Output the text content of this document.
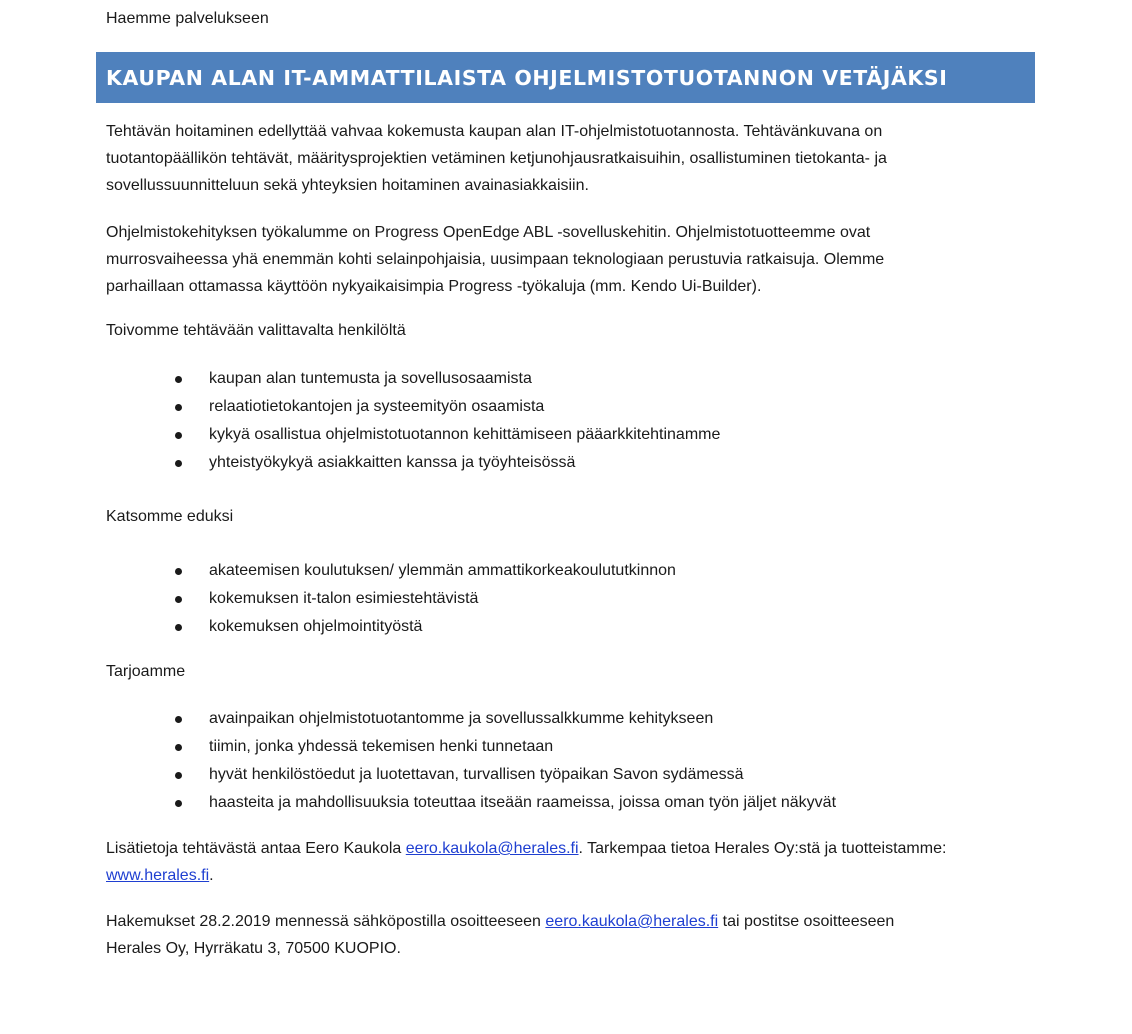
Haemme palvelukseen
KAUPAN ALAN IT-AMMATTILAISTA OHJELMISTOTUOTANNON VETÄJÄKSI

Tehtävän hoitaminen edellyttää vahvaa kokemusta kaupan alan IT-ohjelmistotuotannosta. Tehtävänkuvana on
tuotantopäällikön tehtävät, määritysprojektien vetäminen ketjunohjausratkaisuihin, osallistuminen tietokanta- ja
sovellussuunnitteluun sekä yhteyksien hoitaminen avainasiakkaisiin.

Ohjelmistokehityksen työkalumme on Progress OpenEdge ABL -sovelluskehitin. Ohjelmistotuotteemme ovat
murrosvaiheessa yhä enemmän kohti selainpohjaisia, uusimpaan teknologiaan perustuvia ratkaisuja. Olemme
parhaillaan ottamassa käyttöön nykyaikaisimpia Progress -työkaluja (mm. Kendo Ui-Builder).

Toivomme tehtävään valittavalta henkilöltä
kaupan alan tuntemusta ja sovellusosaamista
relaatiotietokantojen ja systeemityön osaamista
kykyä osallistua ohjelmistotuotannon kehittämiseen pääarkkitehtinamme
yhteistyökykyä asiakkaitten kanssa ja työyhteisössä
Katsomme eduksi
akateemisen koulutuksen/ ylemmän ammattikorkeakoulututkinnon
kokemuksen it-talon esimiestehtävistä
kokemuksen ohjelmointityöstä
Tarjoamme
avainpaikan ohjelmistotuotantomme ja sovellussalkkumme kehitykseen
tiimin, jonka yhdessä tekemisen henki tunnetaan
hyvät henkilöstöedut ja luotettavan, turvallisen työpaikan Savon sydämessä
haasteita ja mahdollisuuksia toteuttaa itseään raameissa, joissa oman työn jäljet näkyvät

Lisätietoja tehtävästä antaa Eero Kaukola eero.kaukola@herales.fi. Tarkempaa tietoa Herales Oy:stä ja tuotteistamme:
www.herales.fi.

Hakemukset 28.2.2019 mennessä sähköpostilla osoitteeseen eero.kaukola@herales.fi tai postitse osoitteeseen
Herales Oy, Hyrräkatu 3, 70500 KUOPIO.
